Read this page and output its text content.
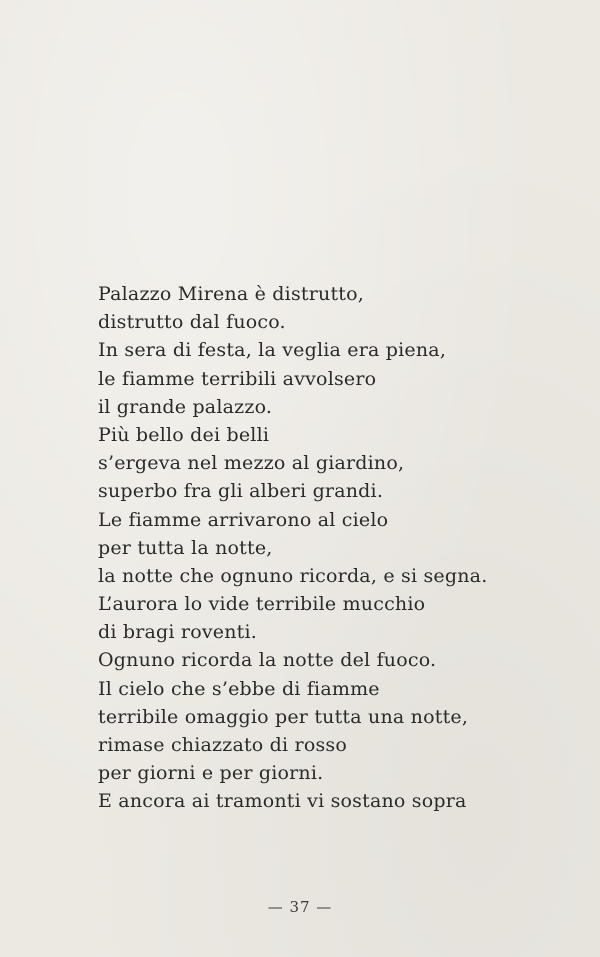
Palazzo Mirena è distrutto,
distrutto dal fuoco.
In sera di festa, la veglia era piena,
le fiamme terribili avvolsero
il grande palazzo.
Più bello dei belli
s’ergeva nel mezzo al giardino,
superbo fra gli alberi grandi.
Le fiamme arrivarono al cielo
per tutta la notte,
la notte che ognuno ricorda, e si segna.
L’aurora lo vide terribile mucchio
di bragi roventi.
Ognuno ricorda la notte del fuoco.
Il cielo che s’ebbe di fiamme
terribile omaggio per tutta una notte,
rimase chiazzato di rosso
per giorni e per giorni.
E ancora ai tramonti vi sostano sopra
— 37 —
